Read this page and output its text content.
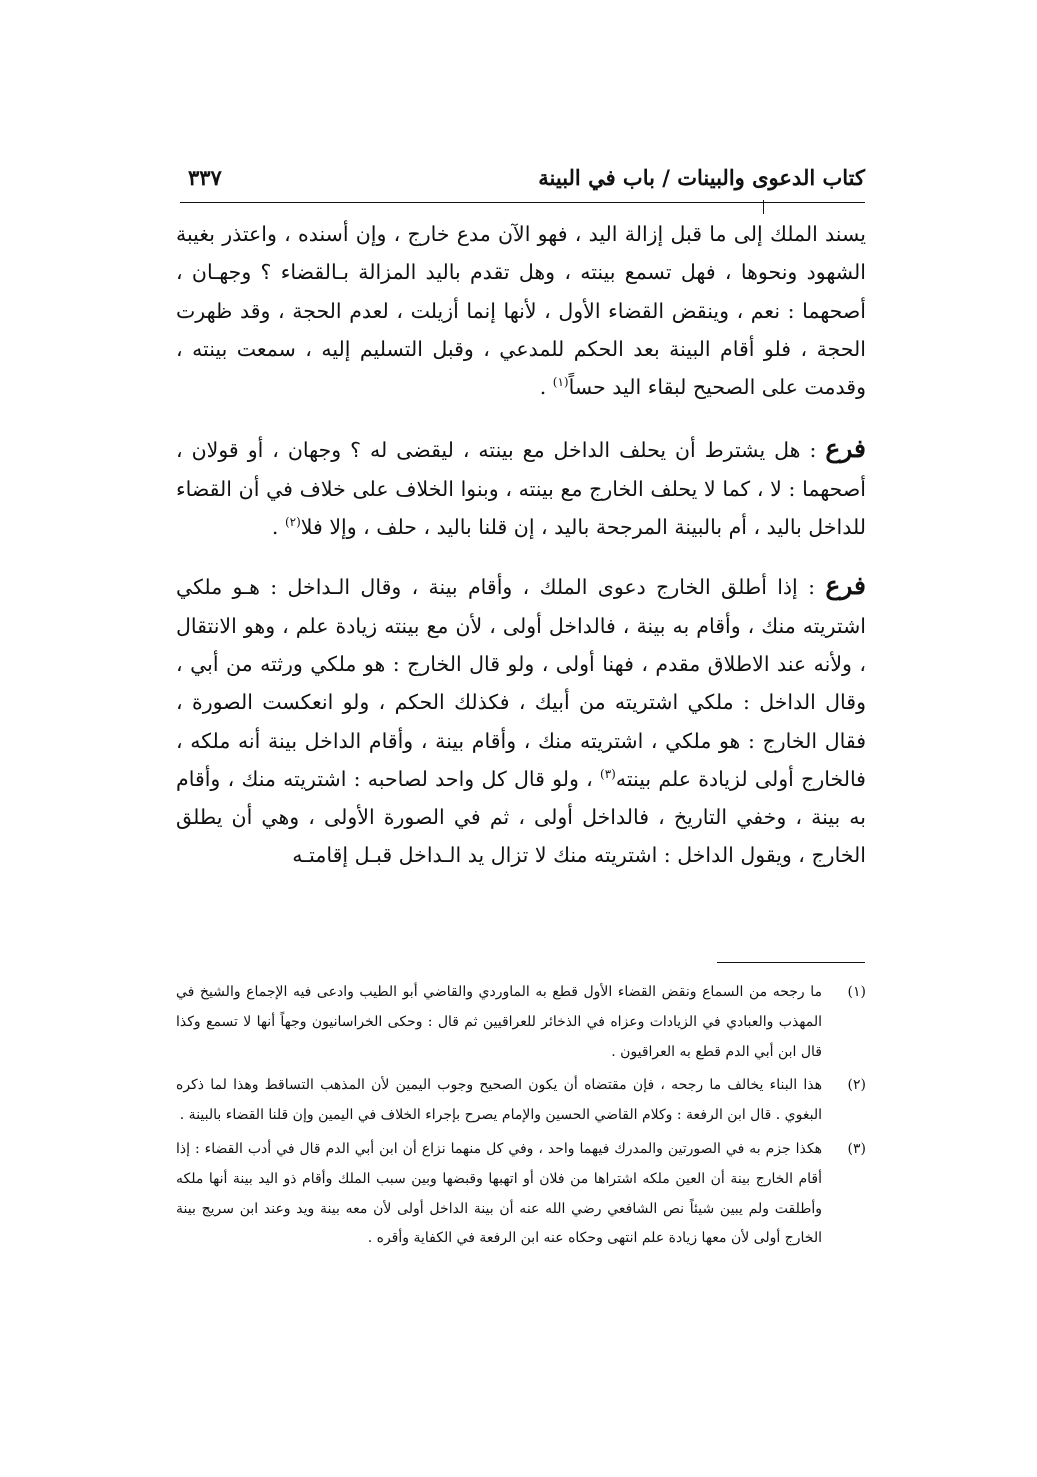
كتاب الدعوى والبينات / باب في البينة
٣٣٧

يسند الملك إلى ما قبل إزالة اليد ، فهو الآن مدع خارج ، وإن أسنده ، واعتذر بغيبة الشهود ونحوها ، فهل تسمع بينته ، وهل تقدم باليد المزالة بـالقضاء ؟ وجهـان ، أصحهما : نعم ، وينقض القضاء الأول ، لأنها إنما أزيلت ، لعدم الحجة ، وقد ظهرت الحجة ، فلو أقام البينة بعد الحكم للمدعي ، وقبل التسليم إليه ، سمعت بينته ، وقدمت على الصحيح لبقاء اليد حساً$^{(١)}$ .

فرع : هل يشترط أن يحلف الداخل مع بينته ، ليقضى له ؟ وجهان ، أو قولان ، أصحهما : لا ، كما لا يحلف الخارج مع بينته ، وبنوا الخلاف على خلاف في أن القضاء للداخل باليد ، أم بالبينة المرجحة باليد ، إن قلنا باليد ، حلف ، وإلا فلا$^{(٢)}$ .

فرع : إذا أطلق الخارج دعوى الملك ، وأقام بينة ، وقال الـداخل : هـو ملكي اشتريته منك ، وأقام به بينة ، فالداخل أولى ، لأن مع بينته زيادة علم ، وهو الانتقال ، ولأنه عند الاطلاق مقدم ، فهنا أولى ، ولو قال الخارج : هو ملكي ورثته من أبي ، وقال الداخل : ملكي اشتريته من أبيك ، فكذلك الحكم ، ولو انعكست الصورة ، فقال الخارج : هو ملكي ، اشتريته منك ، وأقام بينة ، وأقام الداخل بينة أنه ملكه ، فالخارج أولى لزيادة علم بينته$^{(٣)}$ ، ولو قال كل واحد لصاحبه : اشتريته منك ، وأقام به بينة ، وخفي التاريخ ، فالداخل أولى ، ثم في الصورة الأولى ، وهي أن يطلق الخارج ، ويقول الداخل : اشتريته منك لا تزال يد الـداخل قبـل إقامتـه

(١)
ما رجحه من السماع ونقض القضاء الأول قطع به الماوردي والقاضي أبو الطيب وادعى فيه الإجماع والشيخ في المهذب والعبادي في الزيادات وعزاه في الذخائر للعراقيين ثم قال : وحكى الخراسانيون وجهاً أنها لا تسمع وكذا قال ابن أبي الدم قطع به العراقيون .
(٢)
هذا البناء يخالف ما رجحه ، فإن مقتضاه أن يكون الصحيح وجوب اليمين لأن المذهب التساقط وهذا لما ذكره البغوي . قال ابن الرفعة : وكلام القاضي الحسين والإمام يصرح بإجراء الخلاف في اليمين وإن قلنا القضاء بالبينة .
(٣)
هكذا جزم به في الصورتين والمدرك فيهما واحد ، وفي كل منهما نزاع أن ابن أبي الدم قال في أدب القضاء : إذا أقام الخارج بينة أن العين ملكه اشتراها من فلان أو اتهبها وقبضها وبين سبب الملك وأقام ذو اليد بينة أنها ملكه وأطلقت ولم يبين شيئاً نص الشافعي رضي الله عنه أن بينة الداخل أولى لأن معه بينة ويد وعند ابن سريج بينة الخارج أولى لأن معها زيادة علم انتهى وحكاه عنه ابن الرفعة في الكفاية وأقره .
